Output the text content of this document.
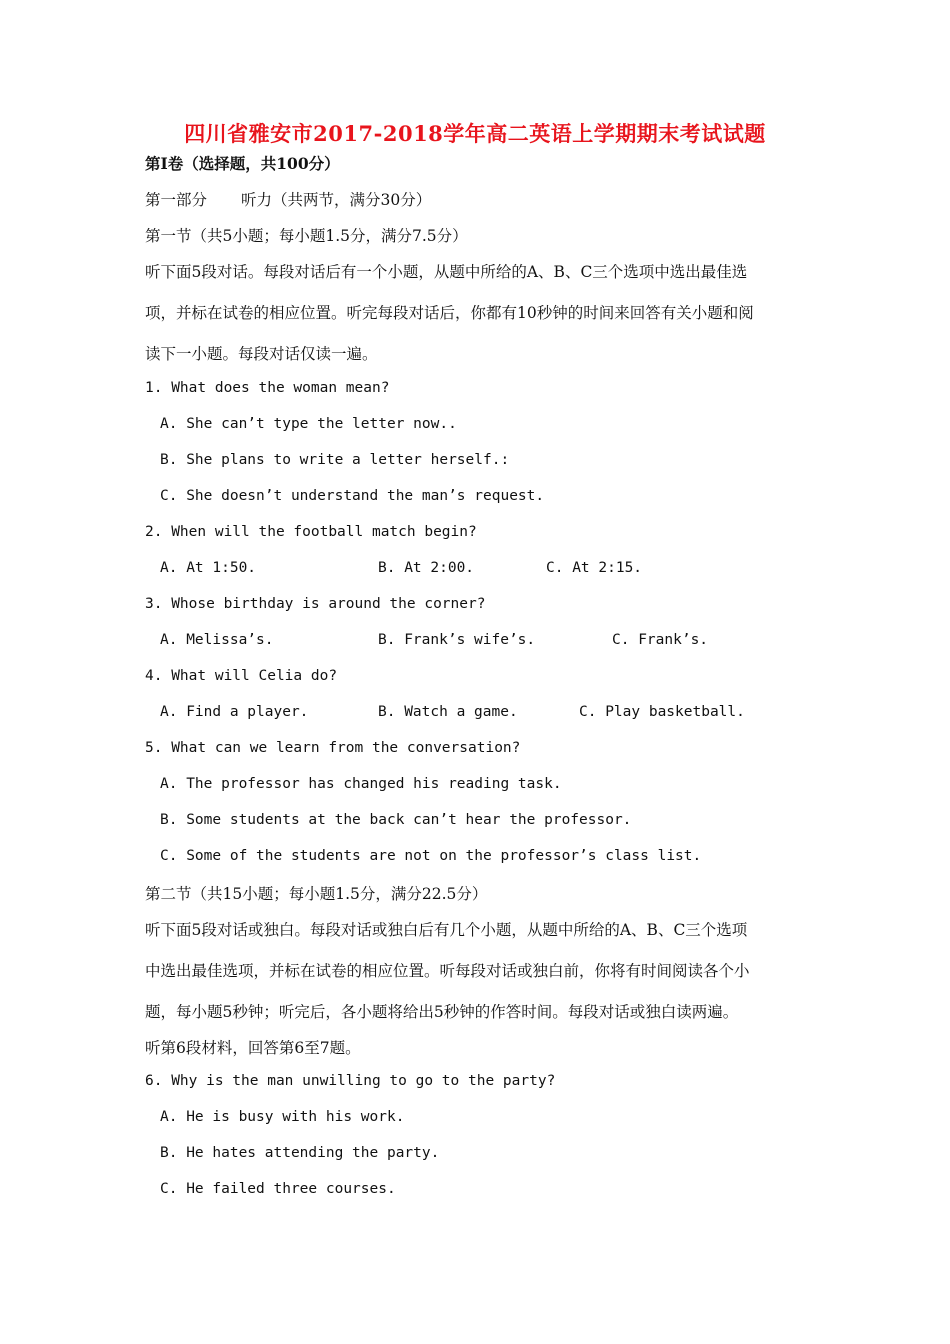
四川省雅安市2017-2018学年高二英语上学期期末考试试题
第I卷（选择题，共100分）
第一部分 听力（共两节，满分30分）
第一节（共5小题；每小题1.5分，满分7.5分）
听下面5段对话。每段对话后有一个小题，从题中所给的A、B、C三个选项中选出最佳选
项，并标在试卷的相应位置。听完每段对话后，你都有10秒钟的时间来回答有关小题和阅
读下一小题。每段对话仅读一遍。
1. What does the woman mean?
A. She can’t type the letter now..
B. She plans to write a letter herself.:
C. She doesn’t understand the man’s request.
2. When will the football match begin?
A. At 1:50.	B. At 2:00.	C. At 2:15.
3. Whose birthday is around the corner?
A. Melissa’s.	B. Frank’s wife’s.	C. Frank’s.
4. What will Celia do?
A. Find a player.	B. Watch a game.	C. Play basketball.
5. What can we learn from the conversation?
A. The professor has changed his reading task.
B. Some students at the back can’t hear the professor.
C. Some of the students are not on the professor’s class list.
第二节（共15小题；每小题1.5分，满分22.5分）
听下面5段对话或独白。每段对话或独白后有几个小题，从题中所给的A、B、C三个选项
中选出最佳选项，并标在试卷的相应位置。听每段对话或独白前，你将有时间阅读各个小
题，每小题5秒钟；听完后，各小题将给出5秒钟的作答时间。每段对话或独白读两遍。
听第6段材料，回答第6至7题。
6. Why is the man unwilling to go to the party?
A. He is busy with his work.
B. He hates attending the party.
C. He failed three courses.
